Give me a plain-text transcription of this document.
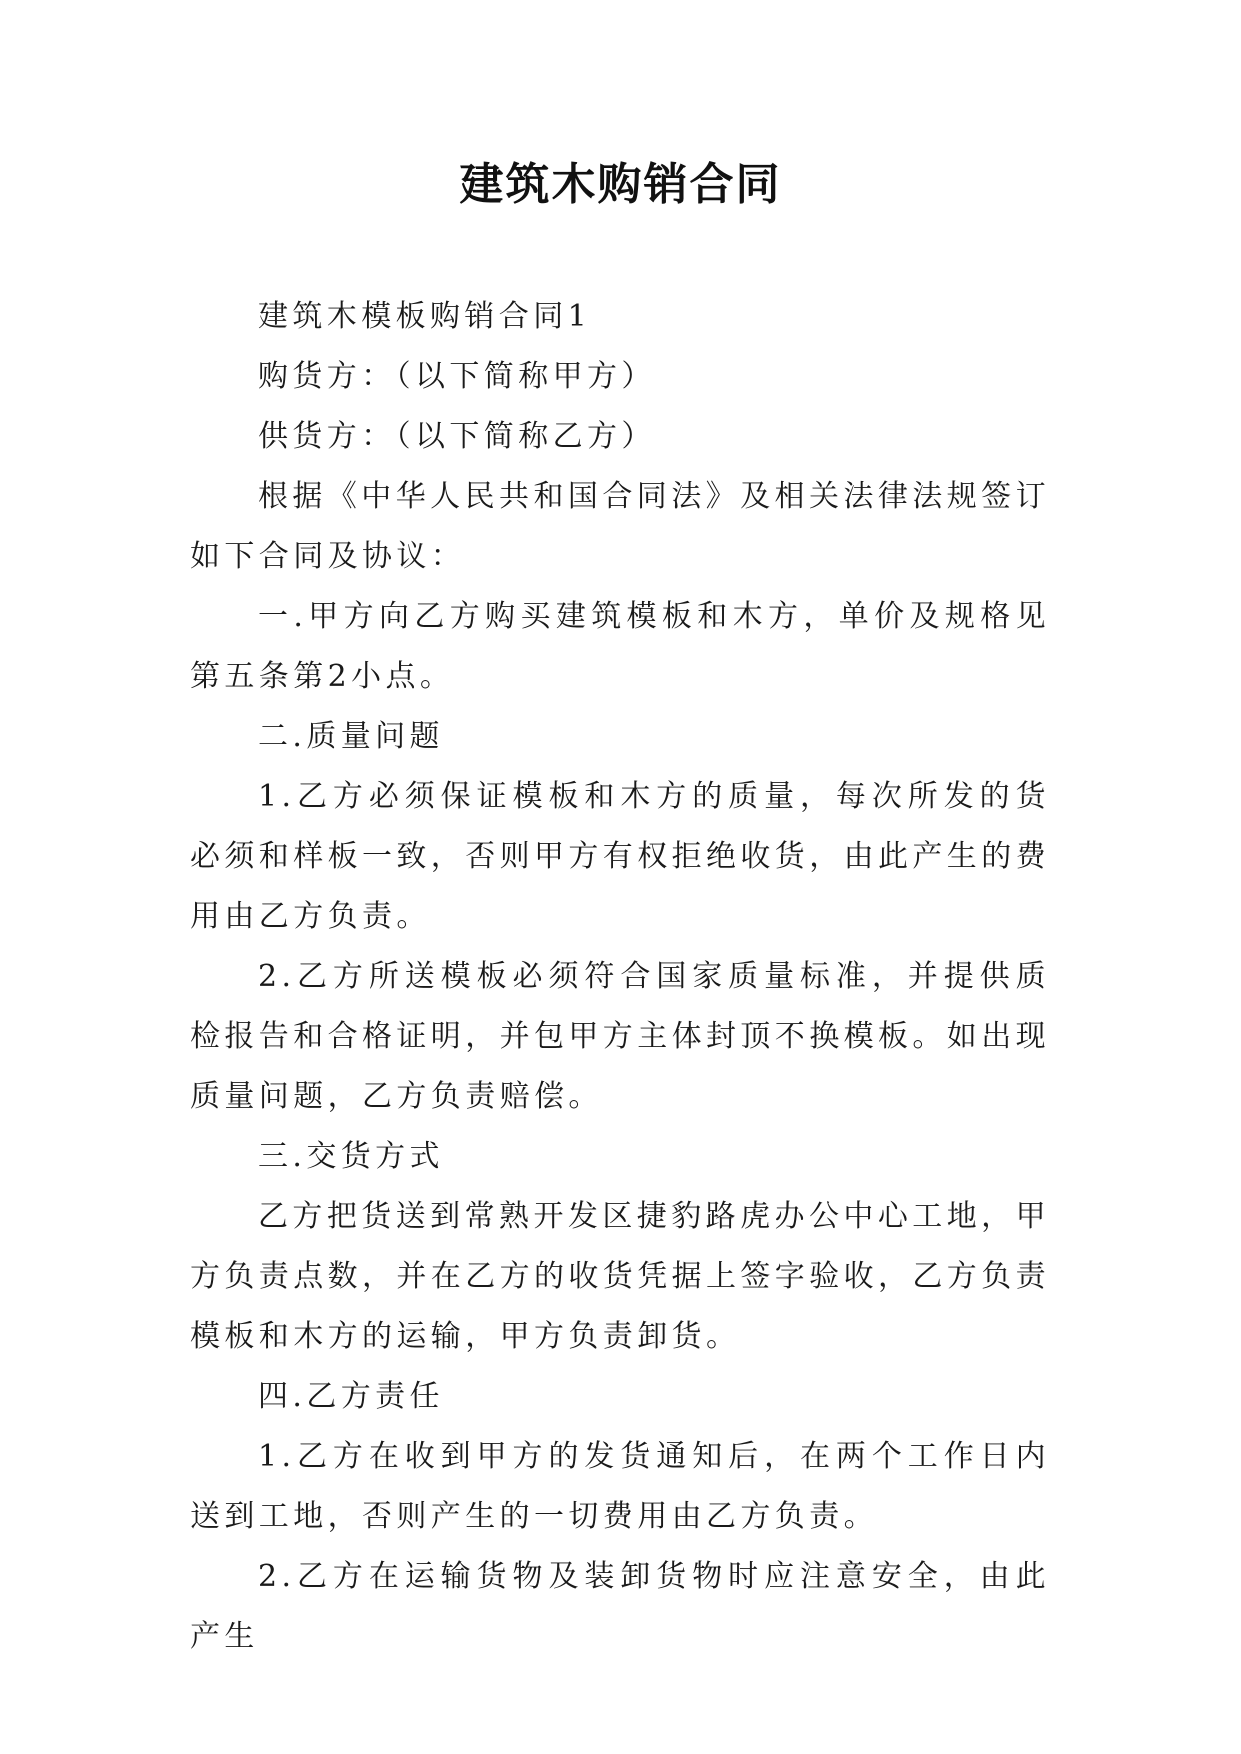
建筑木购销合同

建筑木模板购销合同1

购货方：（以下简称甲方）

供货方：（以下简称乙方）

根据《中华人民共和国合同法》及相关法律法规签订如下合同及协议：

一.甲方向乙方购买建筑模板和木方，单价及规格见第五条第2小点。

二.质量问题

1.乙方必须保证模板和木方的质量，每次所发的货必须和样板一致，否则甲方有权拒绝收货，由此产生的费用由乙方负责。

2.乙方所送模板必须符合国家质量标准，并提供质检报告和合格证明，并包甲方主体封顶不换模板。如出现质量问题，乙方负责赔偿。

三.交货方式

乙方把货送到常熟开发区捷豹路虎办公中心工地，甲方负责点数，并在乙方的收货凭据上签字验收，乙方负责模板和木方的运输，甲方负责卸货。

四.乙方责任

1.乙方在收到甲方的发货通知后，在两个工作日内送到工地，否则产生的一切费用由乙方负责。

2.乙方在运输货物及装卸货物时应注意安全，由此产生
